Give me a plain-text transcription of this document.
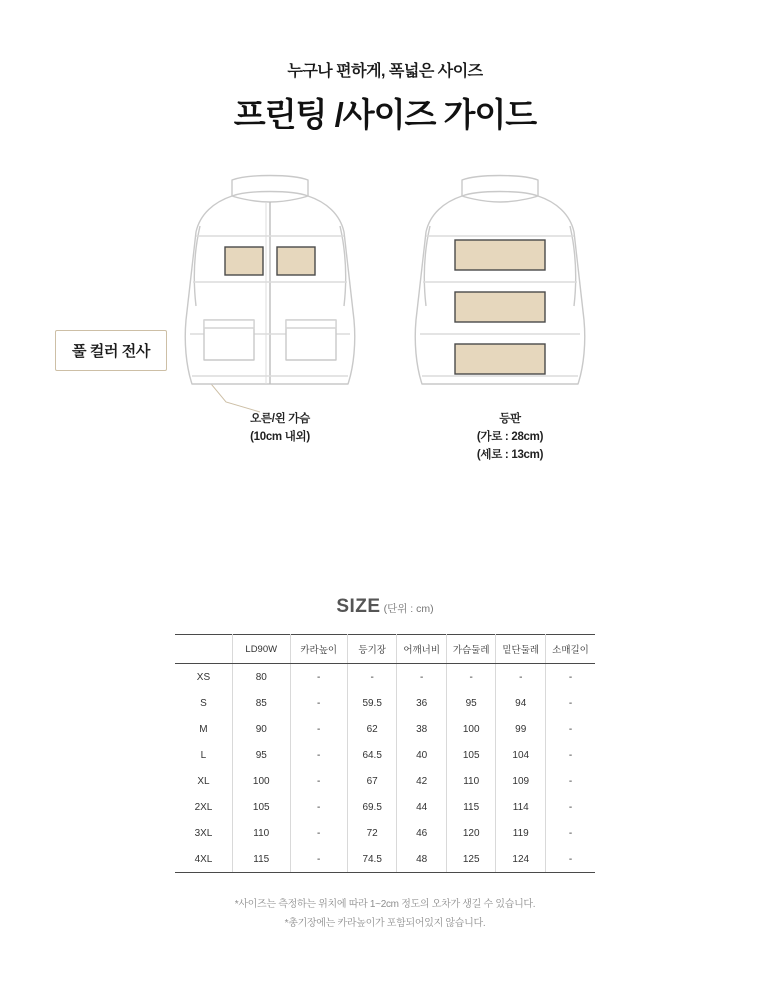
누구나 편하게, 폭넓은 사이즈

프린팅 /사이즈 가이드
풀 컬러 전사
오른/왼 가슴
(10cm 내외)
등판
(가로 : 28cm)
(세로 : 13cm)
SIZE (단위 : cm)
	LD90W	카라높이	등기장	어깨너비	가슴둘레	밑단둘레	소매길이
XS	80	-	-	-	-	-	-
S	85	-	59.5	36	95	94	-
M	90	-	62	38	100	99	-
L	95	-	64.5	40	105	104	-
XL	100	-	67	42	110	109	-
2XL	105	-	69.5	44	115	114	-
3XL	110	-	72	46	120	119	-
4XL	115	-	74.5	48	125	124	-
*사이즈는 측정하는 위치에 따라 1~2cm 정도의 오차가 생길 수 있습니다.
*총기장에는 카라높이가 포함되어있지 않습니다.
